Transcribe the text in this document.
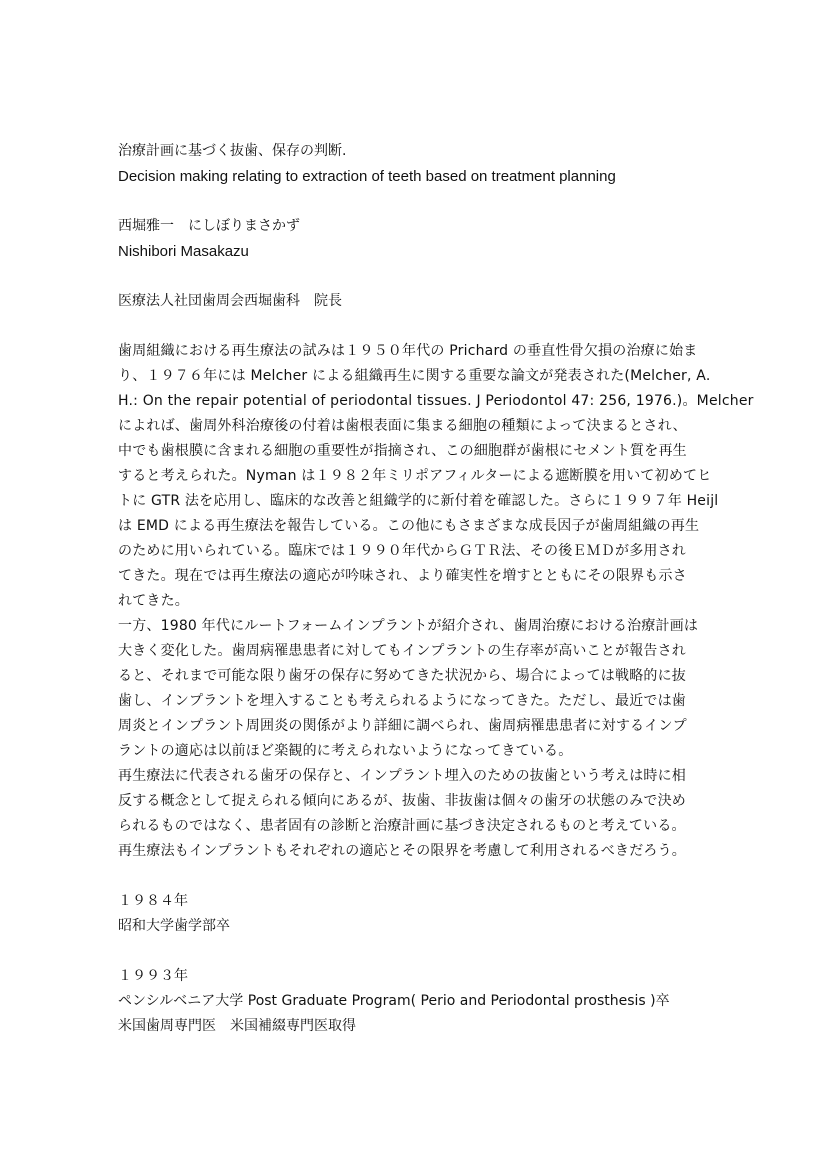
治療計画に基づく抜歯、保存の判断.
Decision making relating to extraction of teeth based on treatment planning
西堀雅一　にしぼりまさかず
Nishibori Masakazu
医療法人社団歯周会西堀歯科　院長
歯周組織における再生療法の試みは１９５０年代の Prichard の垂直性骨欠損の治療に始ま
り、１９７６年には Melcher による組織再生に関する重要な論文が発表された(Melcher, A.
H.: On the repair potential of periodontal tissues. J Periodontol 47: 256, 1976.)。Melcher
によれば、歯周外科治療後の付着は歯根表面に集まる細胞の種類によって決まるとされ、
中でも歯根膜に含まれる細胞の重要性が指摘され、この細胞群が歯根にセメント質を再生
すると考えられた。Nyman は１９８２年ミリポアフィルターによる遮断膜を用いて初めてヒ
トに GTR 法を応用し、臨床的な改善と組織学的に新付着を確認した。さらに１９９７年 Heijl
は EMD による再生療法を報告している。この他にもさまざまな成長因子が歯周組織の再生
のために用いられている。臨床では１９９０年代からＧＴＲ法、その後ＥＭＤが多用され
てきた。現在では再生療法の適応が吟味され、より確実性を増すとともにその限界も示さ
れてきた。
一方、1980 年代にルートフォームインプラントが紹介され、歯周治療における治療計画は
大きく変化した。歯周病罹患患者に対してもインプラントの生存率が高いことが報告され
ると、それまで可能な限り歯牙の保存に努めてきた状況から、場合によっては戦略的に抜
歯し、インプラントを埋入することも考えられるようになってきた。ただし、最近では歯
周炎とインプラント周囲炎の関係がより詳細に調べられ、歯周病罹患患者に対するインプ
ラントの適応は以前ほど楽観的に考えられないようになってきている。
再生療法に代表される歯牙の保存と、インプラント埋入のための抜歯という考えは時に相
反する概念として捉えられる傾向にあるが、抜歯、非抜歯は個々の歯牙の状態のみで決め
られるものではなく、患者固有の診断と治療計画に基づき決定されるものと考えている。
再生療法もインプラントもそれぞれの適応とその限界を考慮して利用されるべきだろう。
１９８４年
昭和大学歯学部卒
１９９３年
ペンシルベニア大学 Post Graduate Program( Perio and Periodontal prosthesis )卒
米国歯周専門医　米国補綴専門医取得
